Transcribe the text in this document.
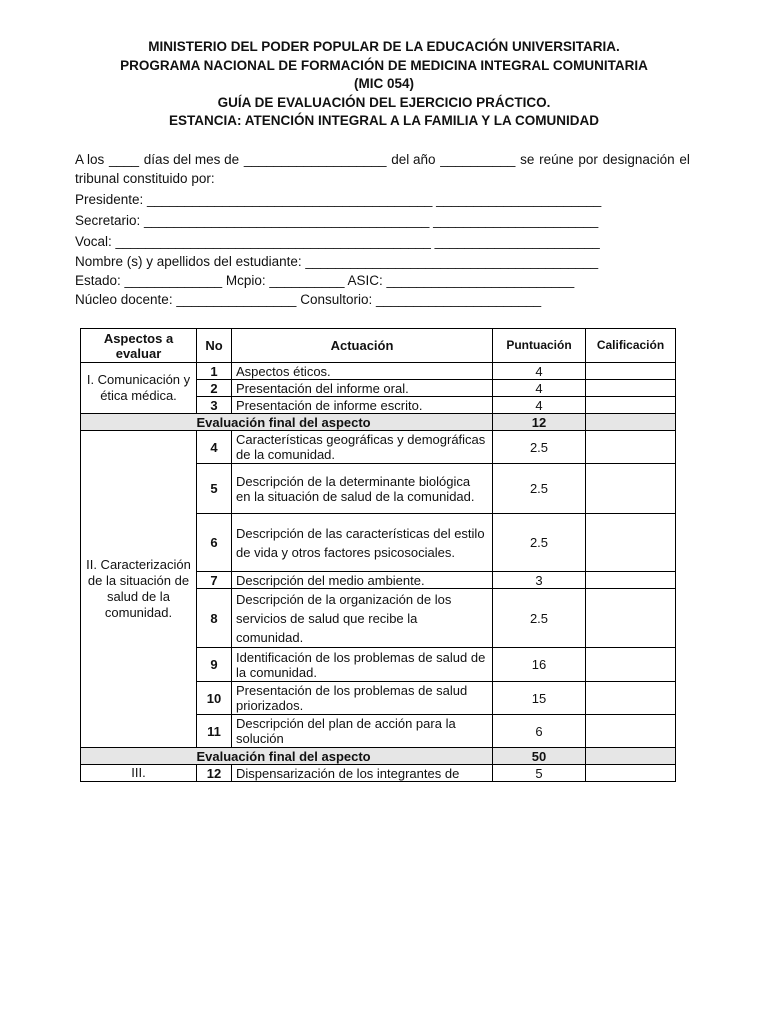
MINISTERIO DEL PODER POPULAR DE LA EDUCACIÓN UNIVERSITARIA.
PROGRAMA NACIONAL DE FORMACIÓN DE MEDICINA INTEGRAL COMUNITARIA
(MIC 054)
GUÍA DE EVALUACIÓN DEL EJERCICIO PRÁCTICO.
ESTANCIA: ATENCIÓN INTEGRAL A LA FAMILIA Y LA COMUNIDAD
A los ____ días del mes de ___________________ del año __________ se reúne por designación el
tribunal constituido por:
Presidente: ______________________________________ ______________________
Secretario: ______________________________________ ______________________
Vocal: __________________________________________ ______________________
Nombre (s) y apellidos del estudiante: _______________________________________
Estado: _____________ Mcpio: __________ ASIC: _________________________
Núcleo docente: ________________ Consultorio: ______________________
Aspectos a evaluar	No	Actuación	Puntuación	Calificación
I. Comunicación y ética médica.	1	Aspectos éticos.	4	
	2	Presentación del informe oral.	4	
	3	Presentación de informe escrito.	4	
	Evaluación final del aspecto		12	
II. Caracterización de la situación de salud de la comunidad.	4	Características geográficas y demográficas de la comunidad.	2.5	
	5	Descripción de la determinante biológica en la situación de salud de la comunidad.	2.5	
	6	Descripción de las características del estilo de vida y otros factores psicosociales.	2.5	
	7	Descripción del medio ambiente.	3	
	8	Descripción de la organización de los servicios de salud que recibe la comunidad.	2.5	
	9	Identificación de los problemas de salud de la comunidad.	16	
	10	Presentación de los problemas de salud priorizados.	15	
	11	Descripción del plan de acción para la solución	6	
	Evaluación final del aspecto		50	
III.	12	Dispensarización de los integrantes de	5	
